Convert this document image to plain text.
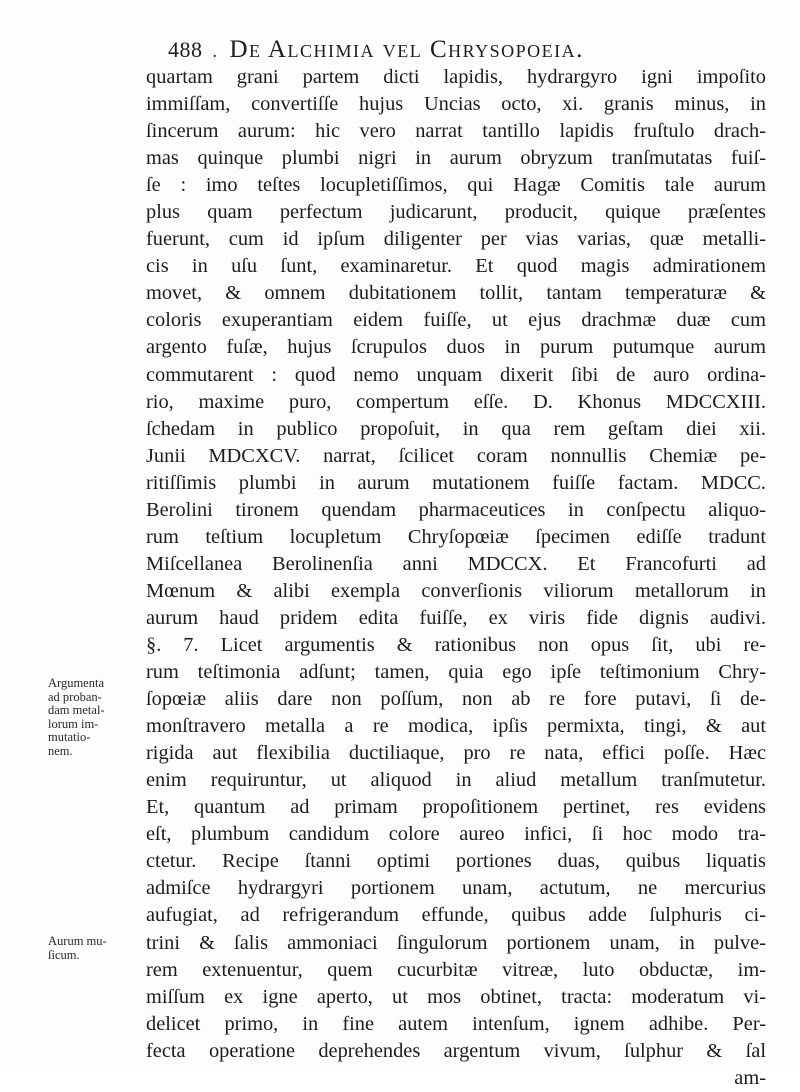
488 . De Alchimia vel Chrysopoeia.
quartam grani partem dicti lapidis, hydrargyro igni impoſito
immiſſam, convertiſſe hujus Uncias octo, xi. granis minus, in
ſincerum aurum: hic vero narrat tantillo lapidis fruſtulo drach-
mas quinque plumbi nigri in aurum obryzum tranſmutatas fuiſ-
ſe : imo teſtes locupletiſſimos, qui Hagæ Comitis tale aurum
plus quam perfectum judicarunt, producit, quique præſentes
fuerunt, cum id ipſum diligenter per vias varias, quæ metalli-
cis in uſu ſunt, examinaretur. Et quod magis admirationem
movet, & omnem dubitationem tollit, tantam temperaturæ &
coloris exuperantiam eidem fuiſſe, ut ejus drachmæ duæ cum
argento fuſæ, hujus ſcrupulos duos in purum putumque aurum
commutarent : quod nemo unquam dixerit ſibi de auro ordina-
rio, maxime puro, compertum eſſe. D. Khonus MDCCXIII.
ſchedam in publico propoſuit, in qua rem geſtam diei xii.
Junii MDCXCV. narrat, ſcilicet coram nonnullis Chemiæ pe-
ritiſſimis plumbi in aurum mutationem fuiſſe factam. MDCC.
Berolini tironem quendam pharmaceutices in conſpectu aliquo-
rum teſtium locupletum Chryſopœiæ ſpecimen ediſſe tradunt
Miſcellanea Berolinenſia anni MDCCX. Et Francofurti ad
Mœnum & alibi exempla converſionis viliorum metallorum in
aurum haud pridem edita fuiſſe, ex viris fide dignis audivi.
§. 7. Licet argumentis & rationibus non opus ſit, ubi re-
rum teſtimonia adſunt; tamen, quia ego ipſe teſtimonium Chry-
ſopœiæ aliis dare non poſſum, non ab re fore putavi, ſi de-
monſtravero metalla a re modica, ipſis permixta, tingi, & aut
rigida aut flexibilia ductiliaque, pro re nata, effici poſſe. Hæc
enim requiruntur, ut aliquod in aliud metallum tranſmutetur.
Et, quantum ad primam propoſitionem pertinet, res evidens
eſt, plumbum candidum colore aureo infici, ſi hoc modo tra-
ctetur. Recipe ſtanni optimi portiones duas, quibus liquatis
admiſce hydrargyri portionem unam, actutum, ne mercurius
aufugiat, ad refrigerandum effunde, quibus adde ſulphuris ci-
trini & ſalis ammoniaci ſingulorum portionem unam, in pulve-
rem extenuentur, quem cucurbitæ vitreæ, luto obductæ, im-
miſſum ex igne aperto, ut mos obtinet, tracta: moderatum vi-
delicet primo, in fine autem intenſum, ignem adhibe. Per-
fecta operatione deprehendes argentum vivum, ſulphur & ſal
am-
Argumenta
ad proban-
dam metal-
lorum im-
mutatio-
nem.
Aurum mu-
ſicum.
